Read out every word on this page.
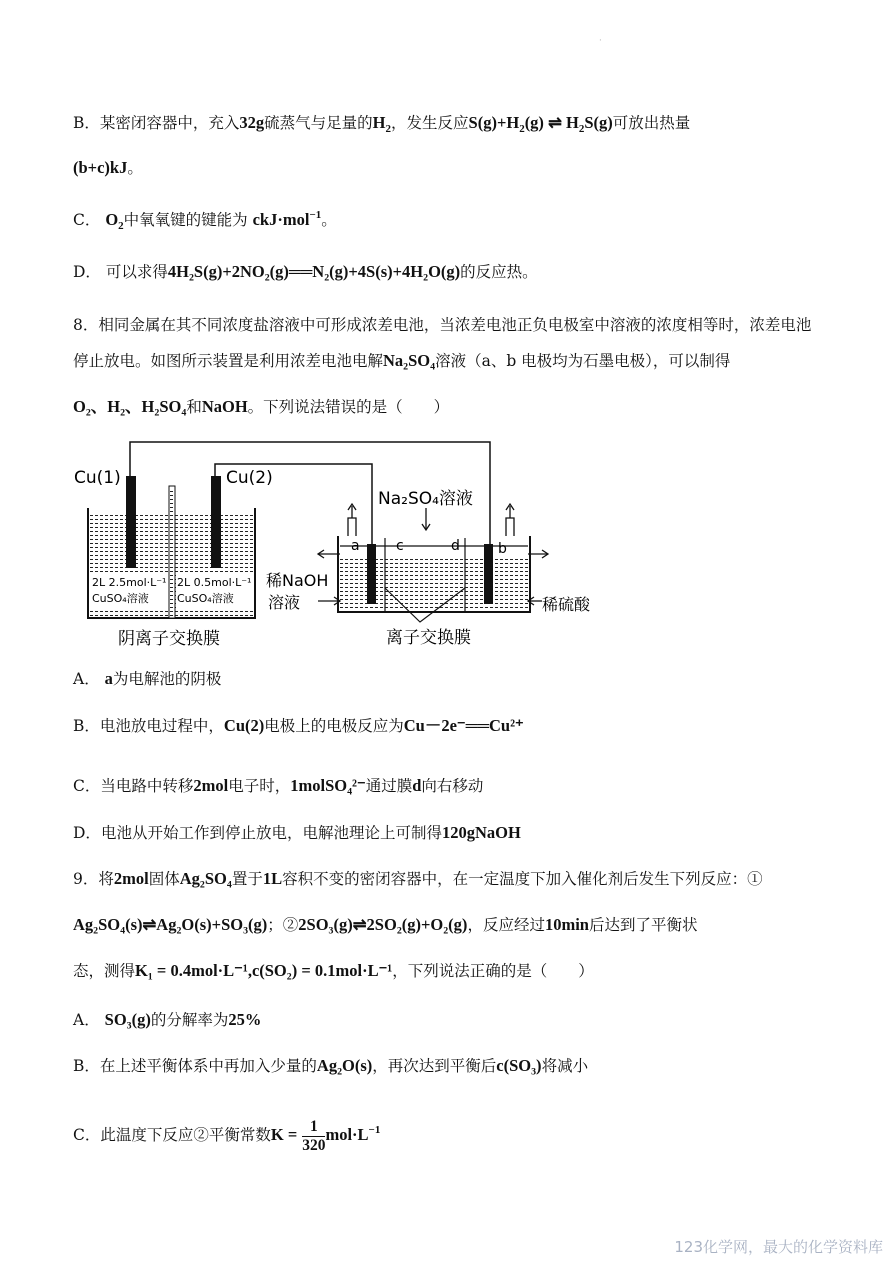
·
B．某密闭容器中，充入32g硫蒸气与足量的$H_2$，发生反应$S(g)+H_2(g)$ ⇌ $H_2S(g)$可放出热量
(b+c)kJ。
C． $O_2$中氧氧键的键能为 ckJ·mol$^{-1}$。
D． 可以求得4H₂S(g)+2NO₂(g)══N₂(g)+4S(s)+4H₂O(g)的反应热。
8．相同金属在其不同浓度盐溶液中可形成浓差电池，当浓差电池正负电极室中溶液的浓度相等时，浓差电池
停止放电。如图所示装置是利用浓差电池电解Na₂SO₄溶液（a、b 电极均为石墨电极），可以制得
O₂、H₂、H₂SO₄和NaOH。下列说法错误的是（　　）
2L 2.5mol·L⁻¹
CuSO₄溶液
2L 0.5mol·L⁻¹
CuSO₄溶液
Cu(1)	Cu(2)
阴离子交换膜
Na₂SO₄溶液
a	c	d	b
稀NaOH
溶液	稀硫酸
离子交换膜
A． a为电解池的阴极
B．电池放电过程中，Cu(2)电极上的电极反应为Cu－2e⁻══Cu²⁺
C．当电路中转移2mol电子时，1molSO₄²⁻通过膜d向右移动
D．电池从开始工作到停止放电，电解池理论上可制得120gNaOH
9．将2mol固体Ag₂SO₄置于1L容积不变的密闭容器中，在一定温度下加入催化剂后发生下列反应：①
Ag₂SO₄(s)⇌Ag₂O(s)+SO₃(g)；②2SO₃(g)⇌2SO₂(g)+O₂(g)，反应经过10min后达到了平衡状
态，测得K₁ = 0.4mol·L⁻¹,c(SO₂) = 0.1mol·L⁻¹，下列说法正确的是（　　）
A． SO₃(g)的分解率为25%
B．在上述平衡体系中再加入少量的Ag₂O(s)，再次达到平衡后c(SO₃)将减小
C．此温度下反应②平衡常数$K = \frac{1}{320} mol\cdot L^{-1}$
123化学网，最大的化学资料库
